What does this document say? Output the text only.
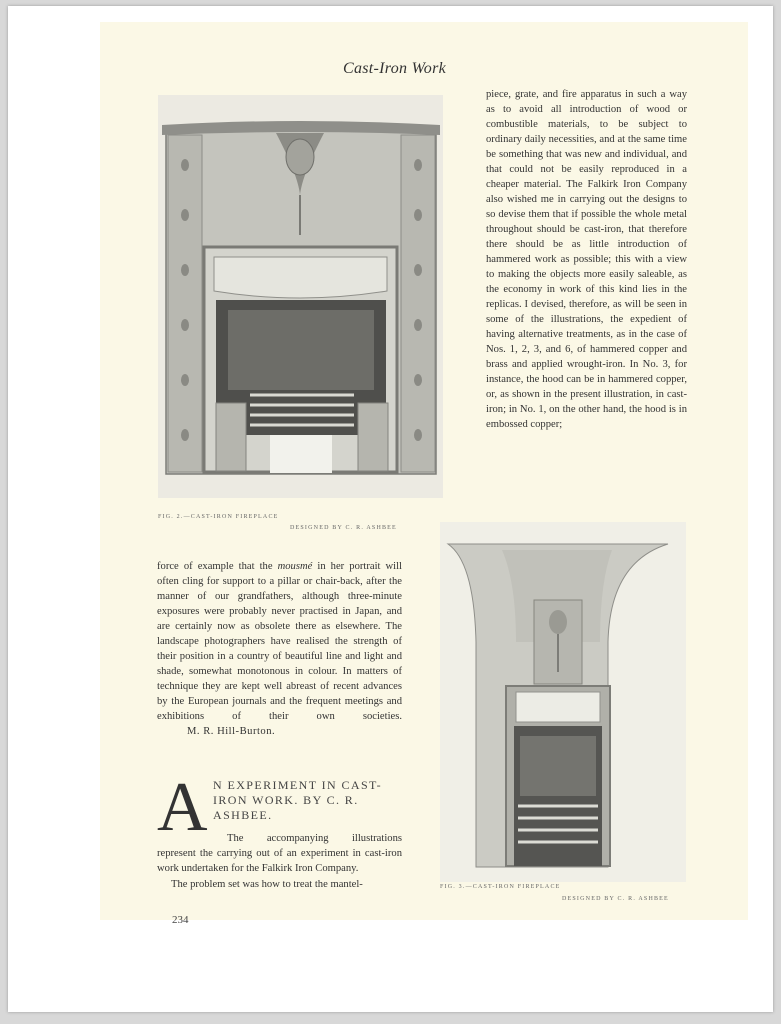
Cast-Iron Work
FIG. 2.—CAST-IRON FIREPLACE
DESIGNED BY C. R. ASHBEE

piece, grate, and fire apparatus in such a way as to avoid all introduction of wood or combustible materials, to be subject to ordinary daily necessities, and at the same time be something that was new and individual, and that could not be easily reproduced in a cheaper material. The Falkirk Iron Company also wished me in carrying out the designs to so devise them that if possible the whole metal throughout should be cast-iron, that therefore there should be as little introduction of hammered work as possible; this with a view to making the objects more easily saleable, as the economy in work of this kind lies in the replicas. I devised, therefore, as will be seen in some of the illustrations, the expedient of having alternative treatments, as in the case of Nos. 1, 2, 3, and 6, of hammered copper and brass and applied wrought-iron. In No. 3, for instance, the hood can be in hammered copper, or, as shown in the present illustration, in cast-iron; in No. 1, on the other hand, the hood is in embossed copper;

force of example that the mousmé in her portrait will often cling for support to a pillar or chair-back, after the manner of our grandfathers, although three-minute exposures were probably never practised in Japan, and are certainly now as obsolete there as elsewhere. The landscape photographers have realised the strength of their position in a country of beautiful line and light and shade, somewhat monotonous in colour. In matters of technique they are kept well abreast of recent advances by the European journals and the frequent meetings and exhibitions of their own societies.M. R. Hill-Burton.

A N EXPERIMENT IN CAST-IRON WORK. BY C. R. ASHBEE.

The accompanying illustrations represent the carrying out of an experiment in cast-iron work undertaken for the Falkirk Iron Company.

The problem set was how to treat the mantel-	FIG. 3.—CAST-IRON FIREPLACE
DESIGNED BY C. R. ASHBEE
234
